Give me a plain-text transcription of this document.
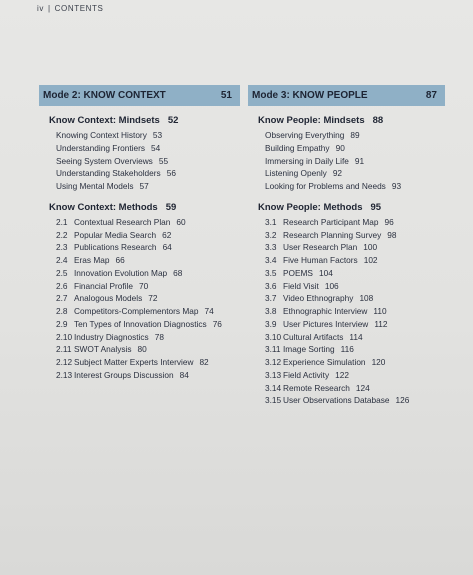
iv | CONTENTS
Mode 2: KNOW CONTEXT	51
Know Context: Mindsets 52
Knowing Context History 53
Understanding Frontiers 54
Seeing System Overviews 55
Understanding Stakeholders 56
Using Mental Models 57
Know Context: Methods 59
2.1 Contextual Research Plan 60
2.2 Popular Media Search 62
2.3 Publications Research 64
2.4 Eras Map 66
2.5 Innovation Evolution Map 68
2.6 Financial Profile 70
2.7 Analogous Models 72
2.8 Competitors-Complementors Map 74
2.9 Ten Types of Innovation Diagnostics 76
2.10 Industry Diagnostics 78
2.11 SWOT Analysis 80
2.12 Subject Matter Experts Interview 82
2.13 Interest Groups Discussion 84
Mode 3: KNOW PEOPLE	87
Know People: Mindsets 88
Observing Everything 89
Building Empathy 90
Immersing in Daily Life 91
Listening Openly 92
Looking for Problems and Needs 93
Know People: Methods 95
3.1 Research Participant Map 96
3.2 Research Planning Survey 98
3.3 User Research Plan 100
3.4 Five Human Factors 102
3.5 POEMS 104
3.6 Field Visit 106
3.7 Video Ethnography 108
3.8 Ethnographic Interview 110
3.9 User Pictures Interview 112
3.10 Cultural Artifacts 114
3.11 Image Sorting 116
3.12 Experience Simulation 120
3.13 Field Activity 122
3.14 Remote Research 124
3.15 User Observations Database 126
